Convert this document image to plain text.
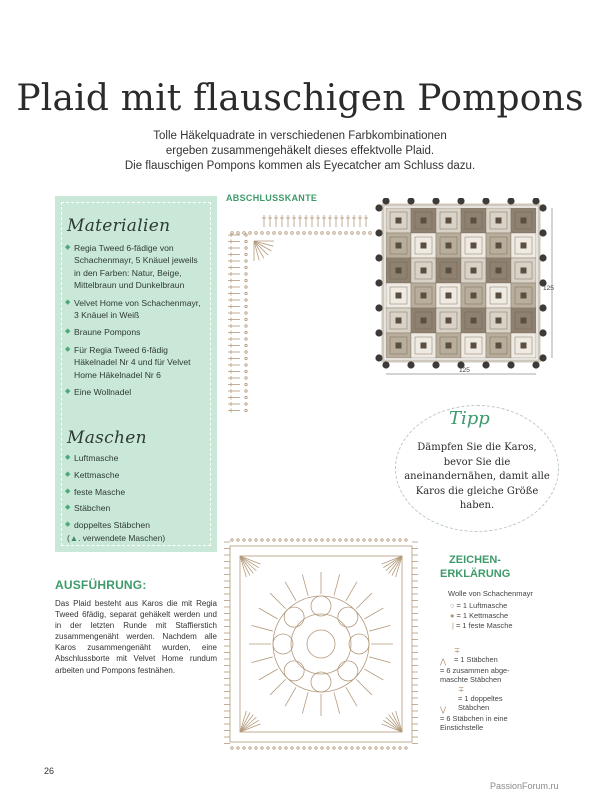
Plaid mit flauschigen Pompons
Tolle Häkelquadrate in verschiedenen Farbkombinationen
ergeben zusammengehäkelt dieses effektvolle Plaid.
Die flauschigen Pompons kommen als Eyecatcher am Schluss dazu.
Materialien
◆ Regia Tweed 6-fädige von Schachenmayr, 5 Knäuel jeweils in den Farben: Natur, Beige, Mittelbraun und Dunkelbraun
◆ Velvet Home von Schachenmayr, 3 Knäuel in Weiß
◆ Braune Pompons
◆ Für Regia Tweed 6-fädig Häkelnadel Nr 4 und für Velvet Home Häkelnadel Nr 6
◆ Eine Wollnadel
Maschen
◆ Luftmasche
◆ Kettmasche
◆ feste Masche
◆ Stäbchen
◆ doppeltes Stäbchen
(▲. verwendete Maschen)
AUSFÜHRUNG:
Das Plaid besteht aus Karos die mit Regia Tweed 6fädig, separat gehäkelt werden und in der letzten Runde mit Staffierstich zusammengenäht werden. Nachdem alle Karos zusammengenäht wurden, eine Abschlussborte mit Velvet Home rundum arbeiten und Pompons festnähen.
ABSCHLUSSKANTE
125
125
Tipp
Dämpfen Sie die Karos, bevor Sie die aneinandernähen, damit alle Karos die gleiche Größe haben.
ZEICHEN-
ERKLÄRUNG
Wolle von Schachenmayr
○ = 1 Luftmasche
● = 1 Kettmasche
| = 1 feste Masche

∓
= 1 Stäbchen

⋀
= 6 zusammen abge-
maschte Stäbchen

∓
= 1 doppeltes
Stäbchen

⋁
= 6 Stäbchen in eine
Einstichstelle

26
PassionForum.ru
